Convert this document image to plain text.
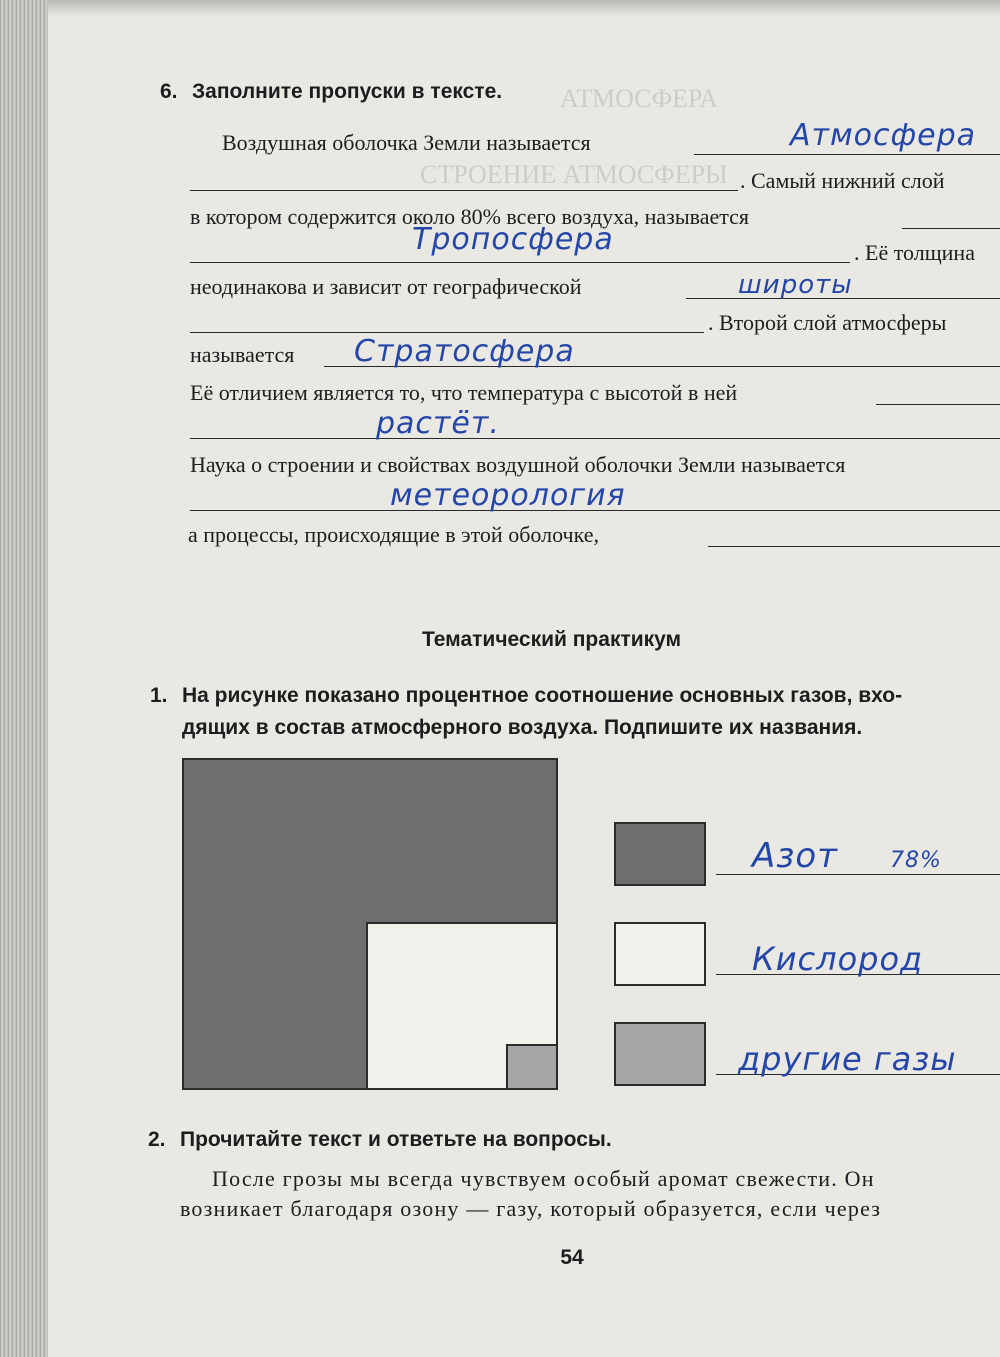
АТМОСФЕРА
СТРОЕНИЕ АТМОСФЕРЫ
6. Заполните пропуски в тексте.
Воздушная оболочка Земли называется	Атмосфера
. Самый нижний слой
в котором содержится около 80% всего воздуха, называется
Тропосфера	. Её толщина
неодинакова и зависит от географической	широты
. Второй слой атмосферы
называется Стратосфера
Её отличием является то, что температура с высотой в ней
растёт.
Наука о строении и свойствах воздушной оболочки Земли называется
метеорология
а процессы, происходящие в этой оболочке,
Тематический практикум
1. На рисунке показано процентное соотношение основных газов, вхо-
дящих в состав атмосферного воздуха. Подпишите их названия.
Азот 78%
Кислород
другие газы
2. Прочитайте текст и ответьте на вопросы.
После грозы мы всегда чувствуем особый аромат свежести. Он
возникает благодаря озону — газу, который образуется, если через
54
